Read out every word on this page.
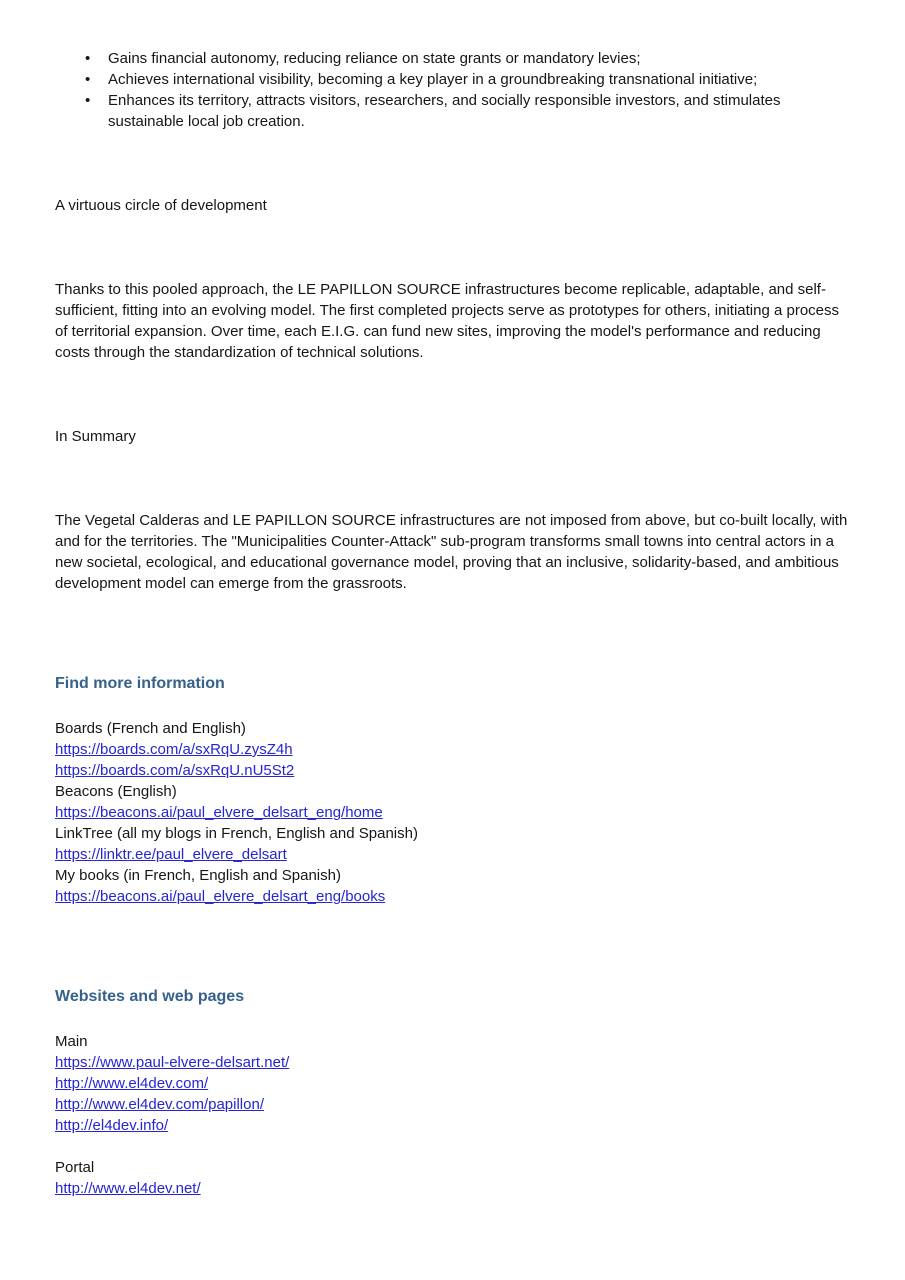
• Gains financial autonomy, reducing reliance on state grants or mandatory levies;
• Achieves international visibility, becoming a key player in a groundbreaking transnational initiative;
• Enhances its territory, attracts visitors, researchers, and socially responsible investors, and stimulates sustainable local job creation.

A virtuous circle of development

Thanks to this pooled approach, the LE PAPILLON SOURCE infrastructures become replicable, adaptable, and self-sufficient, fitting into an evolving model. The first completed projects serve as prototypes for others, initiating a process of territorial expansion. Over time, each E.I.G. can fund new sites, improving the model's performance and reducing costs through the standardization of technical solutions.

In Summary

The Vegetal Calderas and LE PAPILLON SOURCE infrastructures are not imposed from above, but co-built locally, with and for the territories. The "Municipalities Counter-Attack" sub-program transforms small towns into central actors in a new societal, ecological, and educational governance model, proving that an inclusive, solidarity-based, and ambitious development model can emerge from the grassroots.

Find more information
Boards (French and English)
https://boards.com/a/sxRqU.zysZ4h
https://boards.com/a/sxRqU.nU5St2
Beacons (English)
https://beacons.ai/paul_elvere_delsart_eng/home
LinkTree (all my blogs in French, English and Spanish)
https://linktr.ee/paul_elvere_delsart
My books (in French, English and Spanish)
https://beacons.ai/paul_elvere_delsart_eng/books
Websites and web pages
Main
https://www.paul-elvere-delsart.net/
http://www.el4dev.com/
http://www.el4dev.com/papillon/
http://el4dev.info/
Portal
http://www.el4dev.net/
